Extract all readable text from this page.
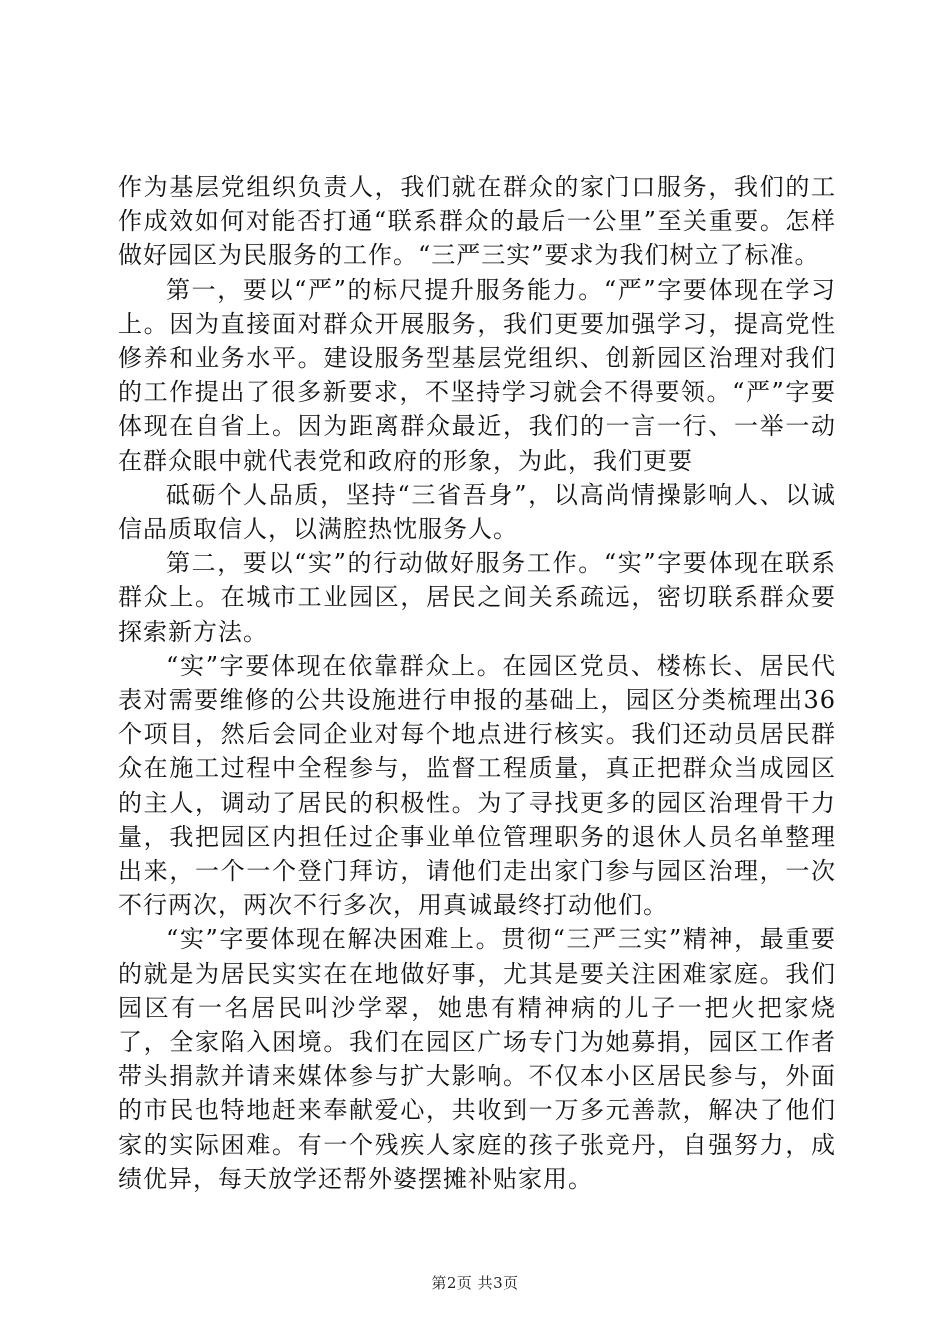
作为基层党组织负责人，我们就在群众的家门口服务，我们的工作成效如何对能否打通“联系群众的最后一公里”至关重要。怎样做好园区为民服务的工作。“三严三实”要求为我们树立了标准。

第一，要以“严”的标尺提升服务能力。“严”字要体现在学习上。因为直接面对群众开展服务，我们更要加强学习，提高党性修养和业务水平。建设服务型基层党组织、创新园区治理对我们的工作提出了很多新要求，不坚持学习就会不得要领。“严”字要体现在自省上。因为距离群众最近，我们的一言一行、一举一动在群众眼中就代表党和政府的形象，为此，我们更要

砥砺个人品质，坚持“三省吾身”，以高尚情操影响人、以诚信品质取信人，以满腔热忱服务人。

第二，要以“实”的行动做好服务工作。“实”字要体现在联系群众上。在城市工业园区，居民之间关系疏远，密切联系群众要探索新方法。

“实”字要体现在依靠群众上。在园区党员、楼栋长、居民代表对需要维修的公共设施进行申报的基础上，园区分类梳理出36个项目，然后会同企业对每个地点进行核实。我们还动员居民群众在施工过程中全程参与，监督工程质量，真正把群众当成园区的主人，调动了居民的积极性。为了寻找更多的园区治理骨干力量，我把园区内担任过企事业单位管理职务的退休人员名单整理出来，一个一个登门拜访，请他们走出家门参与园区治理，一次不行两次，两次不行多次，用真诚最终打动他们。

“实”字要体现在解决困难上。贯彻“三严三实”精神，最重要的就是为居民实实在在地做好事，尤其是要关注困难家庭。我们园区有一名居民叫沙学翠，她患有精神病的儿子一把火把家烧了，全家陷入困境。我们在园区广场专门为她募捐，园区工作者带头捐款并请来媒体参与扩大影响。不仅本小区居民参与，外面的市民也特地赶来奉献爱心，共收到一万多元善款，解决了他们家的实际困难。有一个残疾人家庭的孩子张竞丹，自强努力，成绩优异，每天放学还帮外婆摆摊补贴家用。

第2页 共3页
